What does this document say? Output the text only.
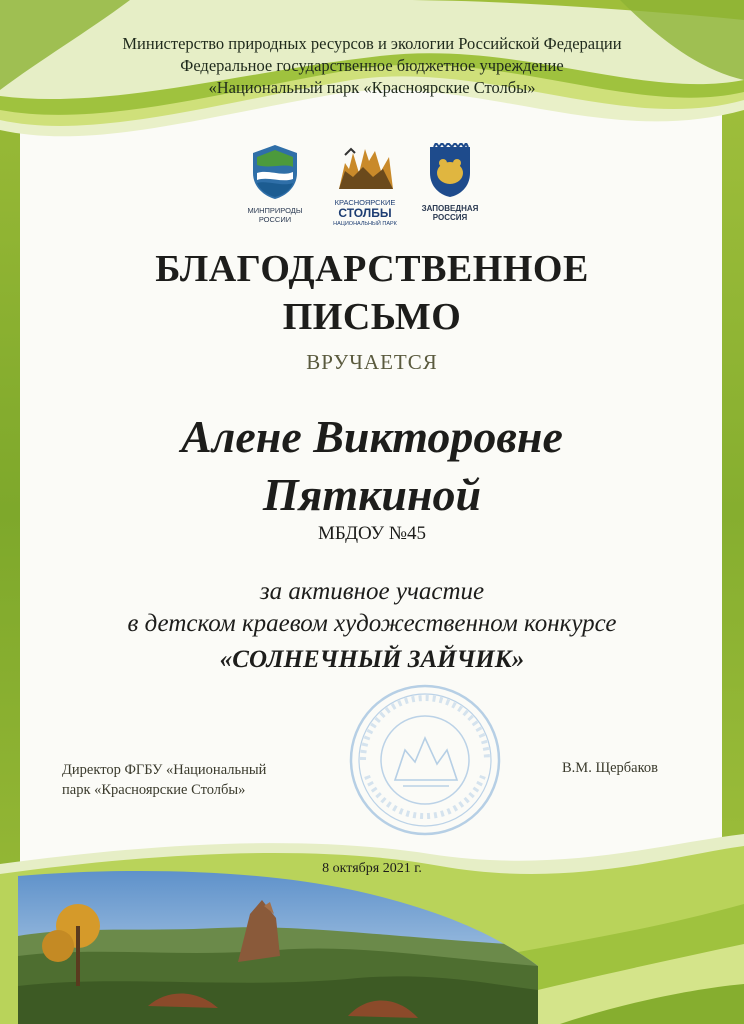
Министерство природных ресурсов и экологии Российской Федерации
Федеральное государственное бюджетное учреждение
«Национальный парк «Красноярские Столбы»
МИНПРИРОДЫ
РОССИИ
КРАСНОЯРСКИЕ
СТОЛБЫ
НАЦИОНАЛЬНЫЙ ПАРК
ЗАПОВЕДНАЯ
РОССИЯ
БЛАГОДАРСТВЕННОЕ
ПИСЬМО
ВРУЧАЕТСЯ
Алене Викторовне
Пяткиной
МБДОУ №45
за активное участие
в детском краевом художественном конкурсе
«СОЛНЕЧНЫЙ ЗАЙЧИК»
Директор ФГБУ «Национальный
парк «Красноярские Столбы»
В.М. Щербаков
8 октября 2021 г.
